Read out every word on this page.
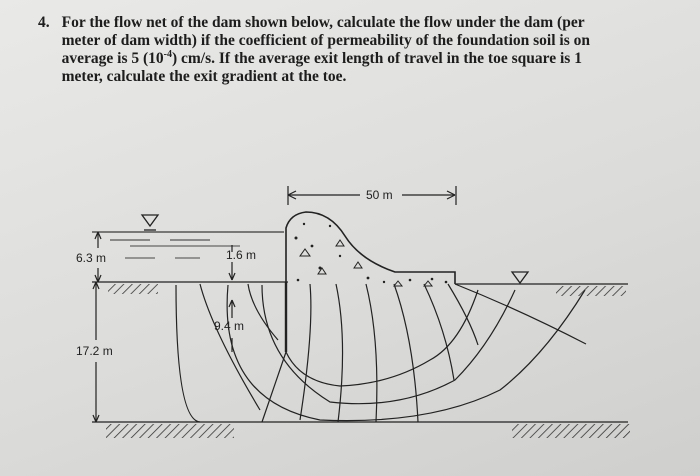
4. For the flow net of the dam shown below, calculate the flow under the dam (per

meter of dam width) if the coefficient of permeability of the foundation soil is on

average is 5 $(10^{-4})$ cm/s. If the average exit length of travel in the toe square is 1

meter, calculate the exit gradient at the toe.

50 m
6.3 m	1.6 m
9.4 m
17.2 m
